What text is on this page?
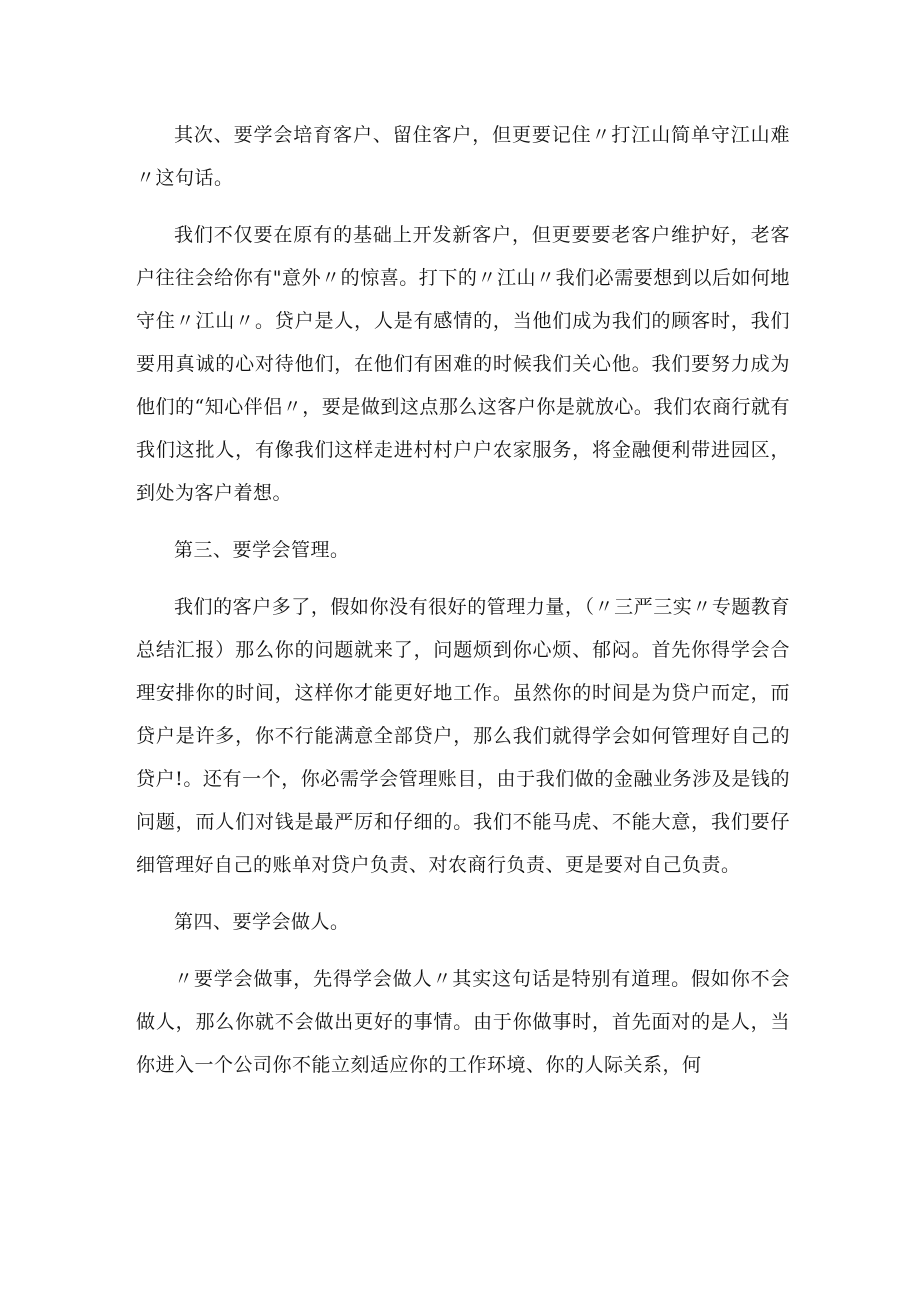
其次、要学会培育客户、留住客户，但更要记住〃打江山简单守江山难〃这句话。

我们不仅要在原有的基础上开发新客户，但更要要老客户维护好，老客户往往会给你有"意外〃的惊喜。打下的〃江山〃我们必需要想到以后如何地守住〃江山〃。贷户是人，人是有感情的，当他们成为我们的顾客时，我们要用真诚的心对待他们，在他们有困难的时候我们关心他。我们要努力成为他们的“知心伴侣〃，要是做到这点那么这客户你是就放心。我们农商行就有我们这批人，有像我们这样走进村村户户农家服务，将金融便利带进园区，到处为客户着想。

第三、要学会管理。

我们的客户多了，假如你没有很好的管理力量，（〃三严三实〃专题教育总结汇报）那么你的问题就来了，问题烦到你心烦、郁闷。首先你得学会合理安排你的时间，这样你才能更好地工作。虽然你的时间是为贷户而定，而贷户是许多，你不行能满意全部贷户，那么我们就得学会如何管理好自己的贷户!。还有一个，你必需学会管理账目，由于我们做的金融业务涉及是钱的问题，而人们对钱是最严厉和仔细的。我们不能马虎、不能大意，我们要仔细管理好自己的账单对贷户负责、对农商行负责、更是要对自己负责。

第四、要学会做人。

〃要学会做事，先得学会做人〃其实这句话是特别有道理。假如你不会做人，那么你就不会做出更好的事情。由于你做事时，首先面对的是人，当你进入一个公司你不能立刻适应你的工作环境、你的人际关系，何
